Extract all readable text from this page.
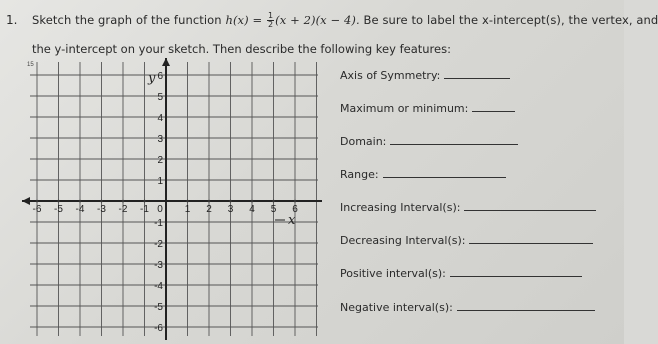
1. Sketch the graph of the function $h(x) = \frac{1}{2} (x + 2)(x - 4)$. Be sure to label the x-intercept(s), the vertex, and
the y-intercept on your sketch. Then describe the following key features:
-6 -5 -4 -3 -2 -1 0 1 2 3 4 5 6
6
5
4
3
2
1
-1
-2
-3
-4
-5
-6
y
x
15
Axis of Symmetry:
Maximum or minimum:
Domain:
Range:
Increasing Interval(s):
Decreasing Interval(s):
Positive interval(s):
Negative interval(s):
